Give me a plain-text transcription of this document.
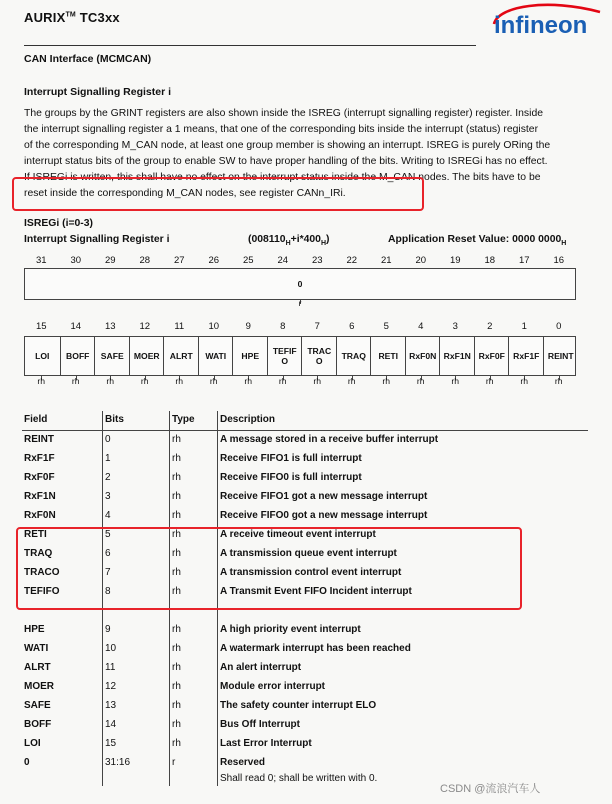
AURIX™ TC3xx	infineon
CAN Interface (MCMCAN)
Interrupt Signalling Register i

The groups by the GRINT registers are also shown inside the ISREG (interrupt signalling register) register. Inside

the interrupt signalling register a 1 means, that one of the corresponding bits inside the interrupt (status) register

of the corresponding M_CAN node, at least one group member is showing an interrupt. ISREG is purely ORing the

interrupt status bits of the group to enable SW to have proper handling of the bits. Writing to ISREGi has no effect.

If ISREGi is written, this shall have no effect on the interrupt status inside the M_CAN nodes. The bits have to be

reset inside the corresponding M_CAN nodes, see register CANn_IRi.

ISREGi (i=0-3)
Interrupt Signalling Register i	$(008110_H+i*400_H)$	Application Reset Value: 0000 $0000_H$
31	30	29	28	27	26	25	24	23	22	21	20	19	18	17	16
0
r
15	14	13	12	11	10	9	8	7	6	5	4	3	2	1	0
LOI	BOFF	SAFE	MOER	ALRT	WATI	HPE	TEFIF
O
TRAC
O	TRAQ	RETI	RxF0N RxF1N RxF0F RxF1F REINT
rh	rh	rh	rh	rh	rh	rh	rh	rh	rh	rh	rh	rh	rh	rh	rh
Field	Bits	Type	Description
REINT	0	rh	A message stored in a receive buffer interrupt
RxF1F	1	rh	Receive FIFO1 is full interrupt
RxF0F	2	rh	Receive FIFO0 is full interrupt
RxF1N	3	rh	Receive FIFO1 got a new message interrupt
RxF0N	4	rh	Receive FIFO0 got a new message interrupt
RETI	5	rh	A receive timeout event interrupt
TRAQ	6	rh	A transmission queue event interrupt
TRACO	7	rh	A transmission control event interrupt
TEFIFO	8	rh	A Transmit Event FIFO Incident interrupt

HPE	9	rh	A high priority event interrupt
WATI	10	rh	A watermark interrupt has been reached
ALRT	11	rh	An alert interrupt
MOER	12	rh	Module error interrupt
SAFE	13	rh	The safety counter interrupt ELO
BOFF	14	rh	Bus Off Interrupt
LOI	15	rh	Last Error Interrupt
0	31:16	r	Reserved
Shall read 0; shall be written with 0.
CSDN @流浪汽车人
